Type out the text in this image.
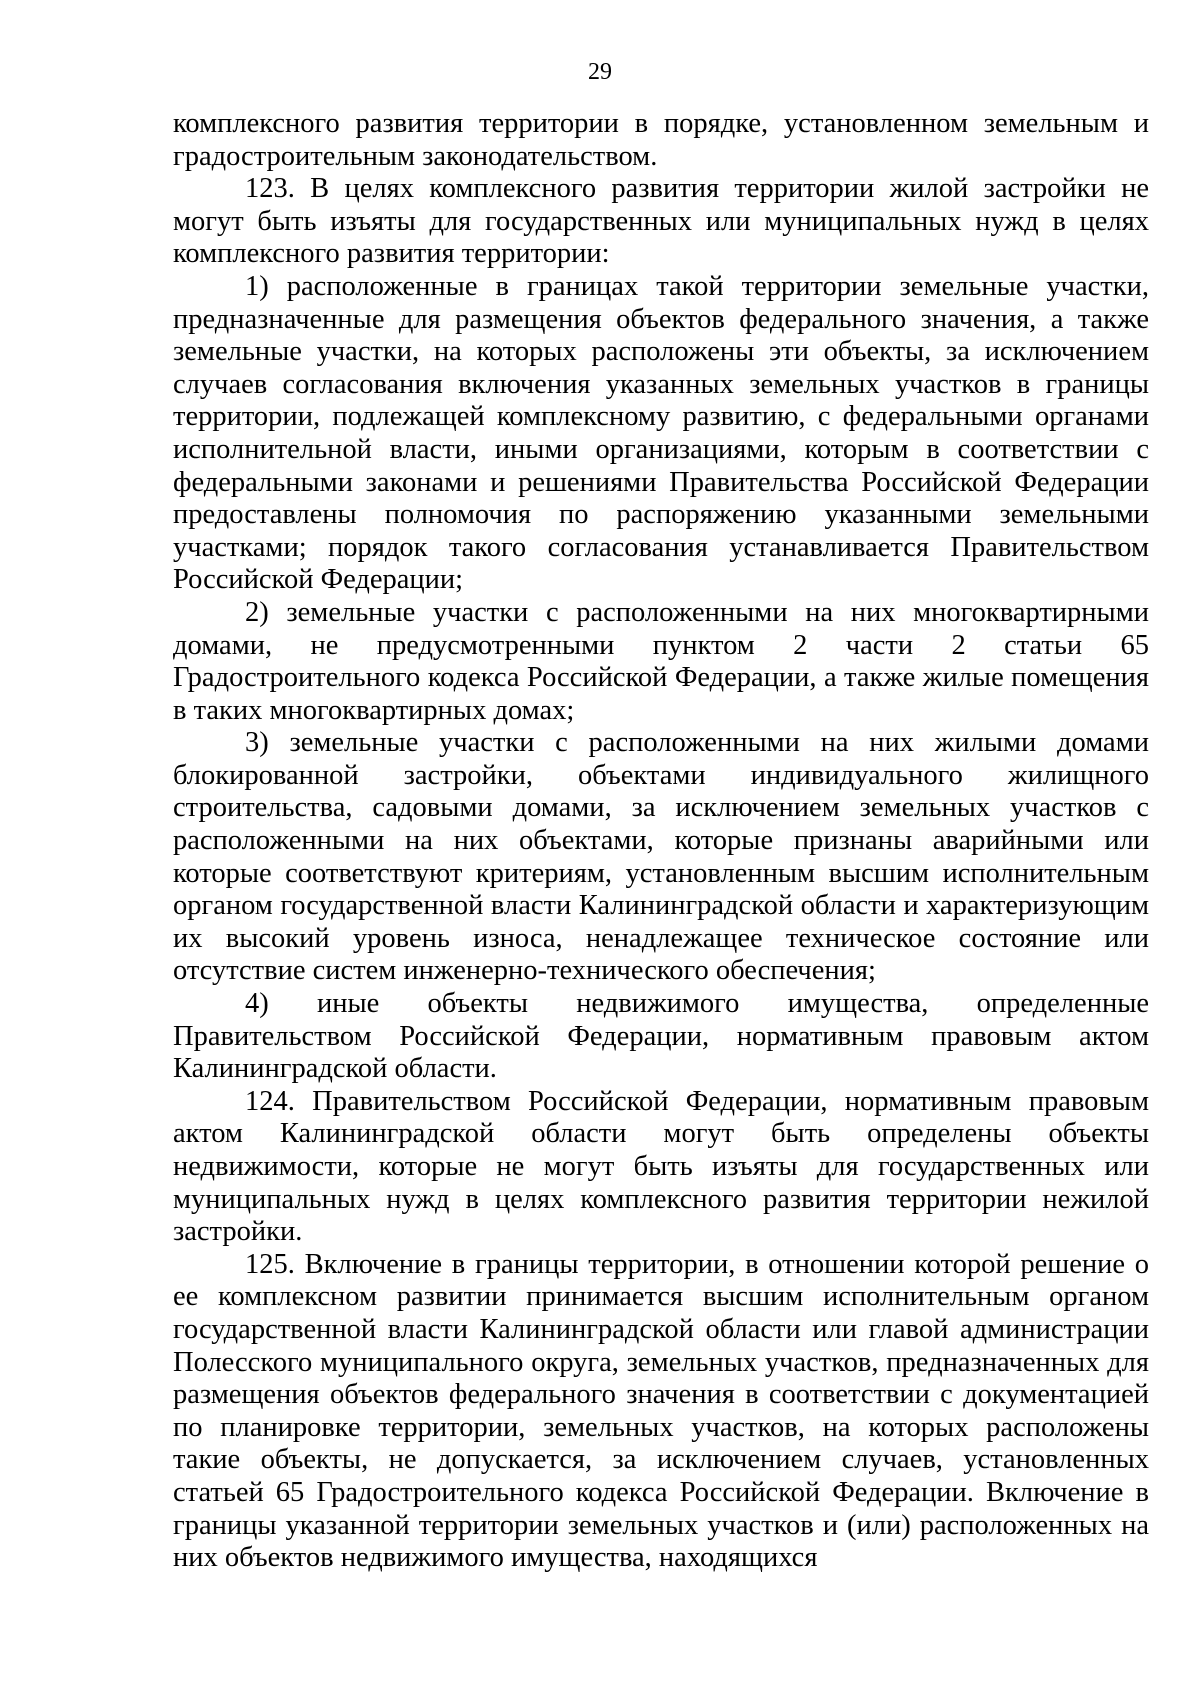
29

комплексного развития территории в порядке, установленном земельным и градостроительным законодательством.

123. В целях комплексного развития территории жилой застройки не могут быть изъяты для государственных или муниципальных нужд в целях комплексного развития территории:

1) расположенные в границах такой территории земельные участки, предназначенные для размещения объектов федерального значения, а также земельные участки, на которых расположены эти объекты, за исключением случаев согласования включения указанных земельных участков в границы территории, подлежащей комплексному развитию, с федеральными органами исполнительной власти, иными организациями, которым в соответствии с федеральными законами и решениями Правительства Российской Федерации предоставлены полномочия по распоряжению указанными земельными участками; порядок такого согласования устанавливается Правительством Российской Федерации;

2) земельные участки с расположенными на них многоквартирными домами, не предусмотренными пунктом 2 части 2 статьи 65 Градостроительного кодекса Российской Федерации, а также жилые помещения в таких многоквартирных домах;

3) земельные участки с расположенными на них жилыми домами блокированной застройки, объектами индивидуального жилищного строительства, садовыми домами, за исключением земельных участков с расположенными на них объектами, которые признаны аварийными или которые соответствуют критериям, установленным высшим исполнительным органом государственной власти Калининградской области и характеризующим их высокий уровень износа, ненадлежащее техническое состояние или отсутствие систем инженерно-технического обеспечения;

4) иные объекты недвижимого имущества, определенные Правительством Российской Федерации, нормативным правовым актом Калининградской области.

124. Правительством Российской Федерации, нормативным правовым актом Калининградской области могут быть определены объекты недвижимости, которые не могут быть изъяты для государственных или муниципальных нужд в целях комплексного развития территории нежилой застройки.

125. Включение в границы территории, в отношении которой решение о ее комплексном развитии принимается высшим исполнительным органом государственной власти Калининградской области или главой администрации Полесского муниципального округа, земельных участков, предназначенных для размещения объектов федерального значения в соответствии с документацией по планировке территории, земельных участков, на которых расположены такие объекты, не допускается, за исключением случаев, установленных статьей 65 Градостроительного кодекса Российской Федерации. Включение в границы указанной территории земельных участков и (или) расположенных на них объектов недвижимого имущества, находящихся
